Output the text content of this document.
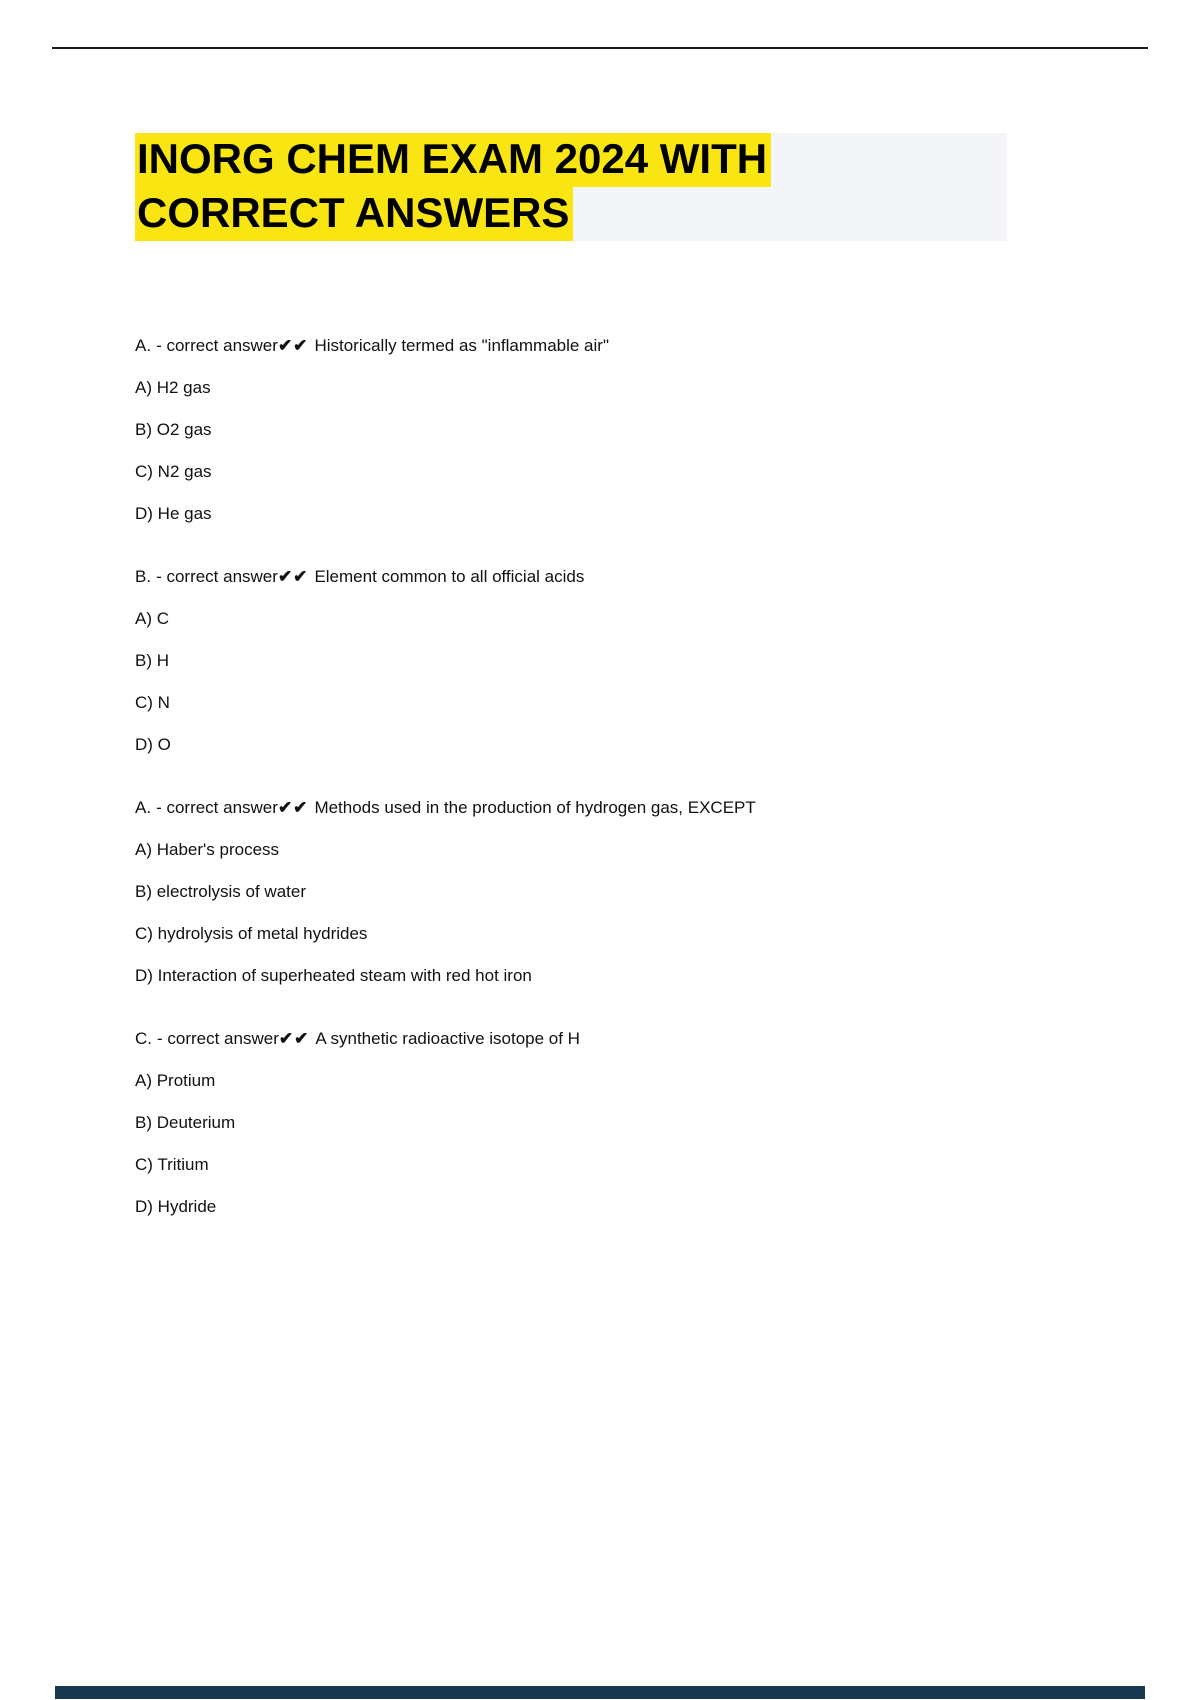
INORG CHEM EXAM 2024 WITH
CORRECT ANSWERS

A. - correct answer✔✔ Historically termed as "inflammable air"

A) H2 gas

B) O2 gas

C) N2 gas

D) He gas

B. - correct answer✔✔ Element common to all official acids

A) C

B) H

C) N

D) O

A. - correct answer✔✔ Methods used in the production of hydrogen gas, EXCEPT

A) Haber's process

B) electrolysis of water

C) hydrolysis of metal hydrides

D) Interaction of superheated steam with red hot iron

C. - correct answer✔✔ A synthetic radioactive isotope of H

A) Protium

B) Deuterium

C) Tritium

D) Hydride
